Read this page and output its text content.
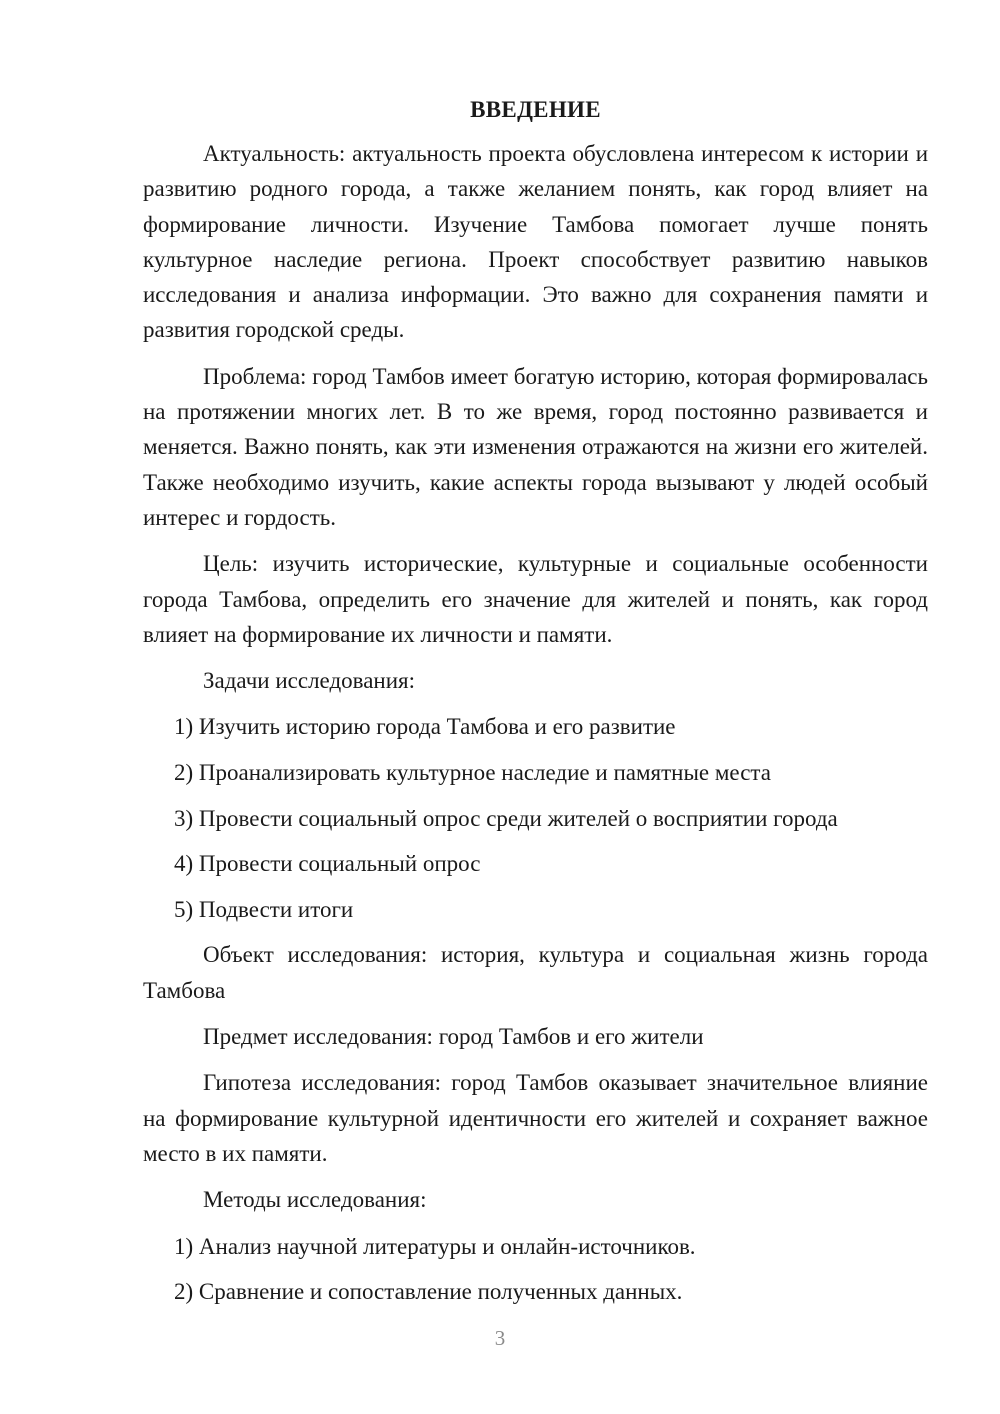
ВВЕДЕНИЕ

Актуальность: актуальность проекта обусловлена интересом к истории и развитию родного города, а также желанием понять, как город влияет на формирование личности. Изучение Тамбова помогает лучше понять культурное наследие региона. Проект способствует развитию навыков исследования и анализа информации. Это важно для сохранения памяти и развития городской среды.

Проблема: город Тамбов имеет богатую историю, которая формировалась на протяжении многих лет. В то же время, город постоянно развивается и меняется. Важно понять, как эти изменения отражаются на жизни его жителей. Также необходимо изучить, какие аспекты города вызывают у людей особый интерес и гордость.

Цель: изучить исторические, культурные и социальные особенности города Тамбова, определить его значение для жителей и понять, как город влияет на формирование их личности и памяти.

Задачи исследования:

1) Изучить историю города Тамбова и его развитие

2) Проанализировать культурное наследие и памятные места

3) Провести социальный опрос среди жителей о восприятии города

4) Провести социальный опрос

5) Подвести итоги

Объект исследования: история, культура и социальная жизнь города Тамбова

Предмет исследования: город Тамбов и его жители

Гипотеза исследования: город Тамбов оказывает значительное влияние на формирование культурной идентичности его жителей и сохраняет важное место в их памяти.

Методы исследования:

1) Анализ научной литературы и онлайн-источников.

2) Сравнение и сопоставление полученных данных.

3
